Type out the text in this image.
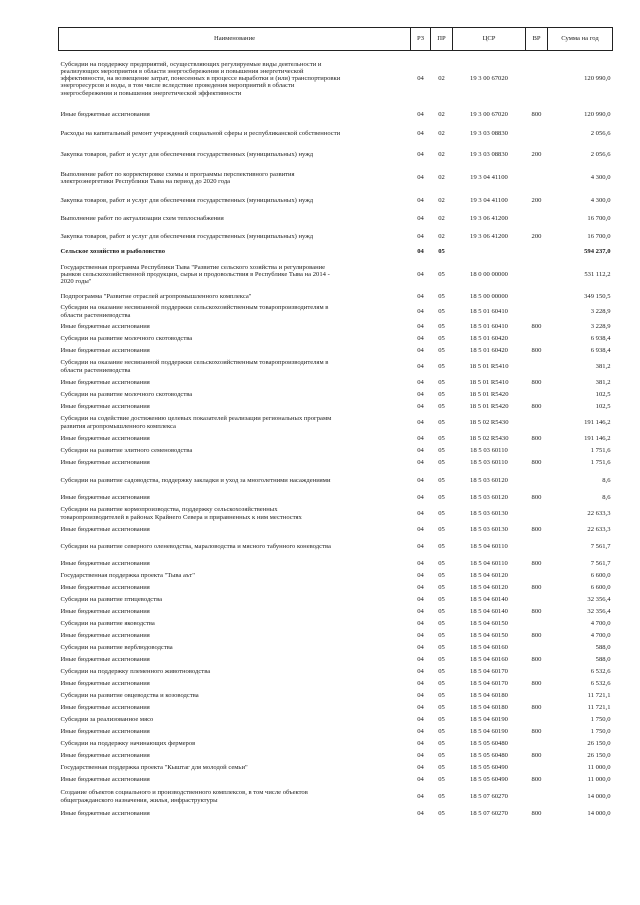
Наименование	РЗ	ПР	ЦСР	ВР	Сумма на год

Субсидии на поддержку предприятий, осуществляющих регулируемые виды деятельности и
реализующих мероприятия в области энергосбережения и повышения энергетической
эффективности, на возмещение затрат, понесенных в процессе выработки и (или) транспортировки
энергоресурсов и воды, в том числе вследствие проведения мероприятий в области
энергосбережения и повышения энергетической эффективности	04	02	19 3 00 67020		120 990,0

Иные бюджетные ассигнования	04	02	19 3 00 67020	800	120 990,0

Расходы на капитальный ремонт учреждений социальной сферы и республиканской собственности	04	02	19 3 03 08830		2 056,6

Закупка товаров, работ и услуг для обеспечения государственных (муниципальных) нужд	04	02	19 3 03 08830	200	2 056,6

Выполнение работ по корректировке схемы и программы перспективного развития
электроэнергетики Республики Тыва на период до 2020 года	04	02	19 3 04 41100		4 300,0

Закупка товаров, работ и услуг для обеспечения государственных (муниципальных) нужд	04	02	19 3 04 41100	200	4 300,0

Выполнение работ по актуализации схем теплоснабжения	04	02	19 3 06 41200		16 700,0

Закупка товаров, работ и услуг для обеспечения государственных (муниципальных) нужд	04	02	19 3 06 41200	200	16 700,0

Сельское хозяйство и рыболовство	04	05			594 237,0

Государственная программа Республики Тыва "Развитие сельского хозяйства и регулирование
рынков сельскохозяйственной продукции, сырья и продовольствия в Республике Тыва на 2014 -
2020 годы"	04	05	18 0 00 00000		531 112,2

Подпрограмма "Развитие отраслей агропромышленного комплекса"	04	05	18 5 00 00000		349 150,5

Субсидии на оказание несвязанной поддержки сельскохозяйственным товаропроизводителям в
области растениеводства	04	05	18 5 01 60410		3 228,9

Иные бюджетные ассигнования	04	05	18 5 01 60410	800	3 228,9

Субсидии на развитие молочного скотоводства	04	05	18 5 01 60420		6 938,4

Иные бюджетные ассигнования	04	05	18 5 01 60420	800	6 938,4

Субсидии на оказание несвязанной поддержки сельскохозяйственным товаропроизводителям в
области растениеводства	04	05	18 5 01 R5410		381,2

Иные бюджетные ассигнования	04	05	18 5 01 R5410	800	381,2

Субсидии на развитие молочного скотоводства	04	05	18 5 01 R5420		102,5

Иные бюджетные ассигнования	04	05	18 5 01 R5420	800	102,5

Субсидии на содействие достижению целевых показателей реализации региональных программ
развития агропромышленного комплекса	04	05	18 5 02 R5430		191 146,2

Иные бюджетные ассигнования	04	05	18 5 02 R5430	800	191 146,2

Субсидии на развитие элитного семеноводства	04	05	18 5 03 60110		1 751,6

Иные бюджетные ассигнования	04	05	18 5 03 60110	800	1 751,6

Субсидии на развитие садоводства, поддержку закладки и уход за многолетними насаждениями	04	05	18 5 03 60120		8,6

Иные бюджетные ассигнования	04	05	18 5 03 60120	800	8,6

Субсидии на развитие кормопроизводства, поддержку сельскохозяйственных
товаропроизводителей в районах Крайнего Севера и приравненных к ним местностях	04	05	18 5 03 60130		22 633,3

Иные бюджетные ассигнования	04	05	18 5 03 60130	800	22 633,3

Субсидии на развитие северного оленеводства, мараловодства и мясного табунного коневодства	04	05	18 5 04 60110		7 561,7

Иные бюджетные ассигнования	04	05	18 5 04 60110	800	7 561,7

Государственная поддержка проекта "Тыва аът"	04	05	18 5 04 60120		6 600,0

Иные бюджетные ассигнования	04	05	18 5 04 60120	800	6 600,0

Субсидии на развитие птицеводства	04	05	18 5 04 60140		32 356,4

Иные бюджетные ассигнования	04	05	18 5 04 60140	800	32 356,4

Субсидии на развитие яководства	04	05	18 5 04 60150		4 700,0

Иные бюджетные ассигнования	04	05	18 5 04 60150	800	4 700,0

Субсидии на развитие верблюдоводства	04	05	18 5 04 60160		588,0

Иные бюджетные ассигнования	04	05	18 5 04 60160	800	588,0

Субсидии на поддержку племенного животноводства	04	05	18 5 04 60170		6 532,6

Иные бюджетные ассигнования	04	05	18 5 04 60170	800	6 532,6

Субсидии на развитие овцеводства и козоводства	04	05	18 5 04 60180		11 721,1

Иные бюджетные ассигнования	04	05	18 5 04 60180	800	11 721,1

Субсидии за реализованное мясо	04	05	18 5 04 60190		1 750,0

Иные бюджетные ассигнования	04	05	18 5 04 60190	800	1 750,0

Субсидии на поддержку начинающих фермеров	04	05	18 5 05 60480		26 150,0

Иные бюджетные ассигнования	04	05	18 5 05 60480	800	26 150,0

Государственная поддержка проекта "Кыштаг для молодой семьи"	04	05	18 5 05 60490		11 000,0

Иные бюджетные ассигнования	04	05	18 5 05 60490	800	11 000,0

Создание объектов социального и производственного комплексов, в том числе объектов
общегражданского назначения, жилья, инфраструктуры	04	05	18 5 07 60270		14 000,0

Иные бюджетные ассигнования	04	05	18 5 07 60270	800	14 000,0
